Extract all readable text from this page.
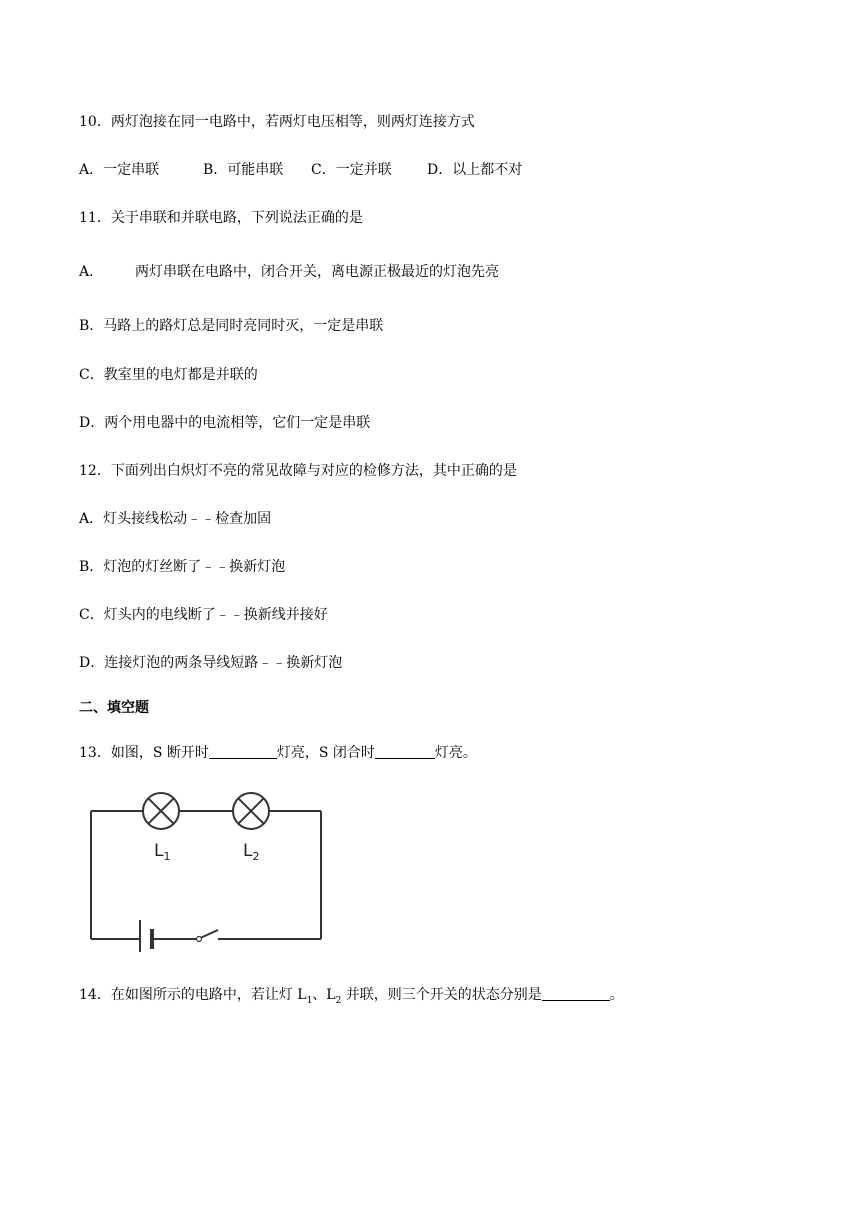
10．两灯泡接在同一电路中，若两灯电压相等，则两灯连接方式
A．一定串联	B．可能串联 C．一定并联	D．以上都不对
11．关于串联和并联电路，下列说法正确的是
A． 两灯串联在电路中，闭合开关，离电源正极最近的灯泡先亮
B．马路上的路灯总是同时亮同时灭，一定是串联
C．教室里的电灯都是并联的
D．两个用电器中的电流相等，它们一定是串联
12．下面列出白炽灯不亮的常见故障与对应的检修方法，其中正确的是
A．灯头接线松动﹣﹣检查加固
B．灯泡的灯丝断了﹣﹣换新灯泡
C．灯头内的电线断了﹣﹣换新线并接好
D．连接灯泡的两条导线短路﹣﹣换新灯泡
二、填空题
13．如图，S 断开时	灯亮，S 闭合时	灯亮。
$L_1$	$L_2$
14．在如图所示的电路中，若让灯 $L_1$、$L_2$ 并联，则三个开关的状态分别是	。
